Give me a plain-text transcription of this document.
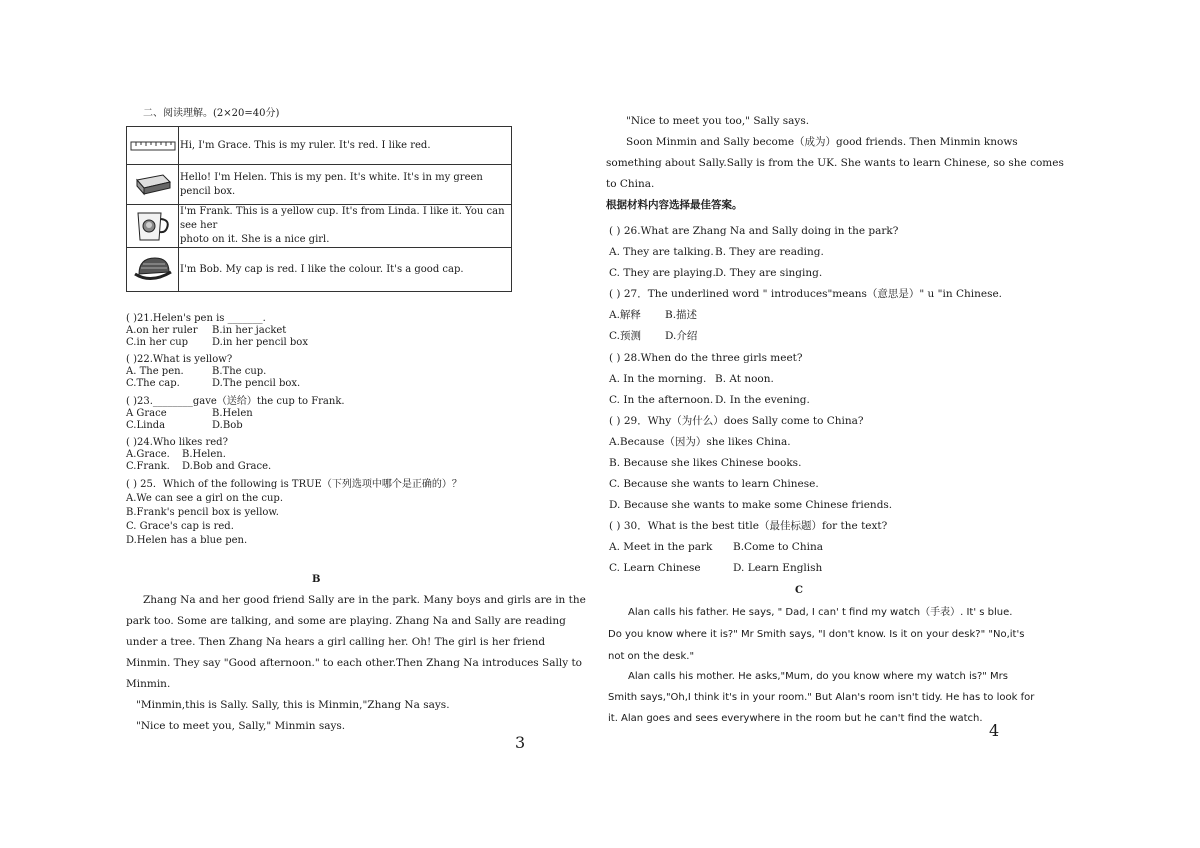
二、阅读理解。(2×20=40分)
	Hi, I'm Grace. This is my ruler. It's red. I like red.

	Hello! I'm Helen. This is my pen. It's white. It's in my green pencil box.

	I'm Frank. This is a yellow cup. It's from Linda. I like it. You can see her
photo on it. She is a nice girl.

	I'm Bob. My cap is red. I like the colour. It's a good cap.
( )21.Helen's pen is _______.
A.on her ruler B.in her jacket
C.in her cup D.in her pencil box
( )22.What is yellow?
A. The pen.	B.The cup.
C.The cap.	D.The pencil box.
( )23.________gave（送给）the cup to Frank.
A Grace	B.Helen
C.Linda	D.Bob
( )24.Who likes red?
A.Grace. B.Helen.
C.Frank. D.Bob and Grace.
( ) 25．Which of the following is TRUE（下列选项中哪个是正确的）？
A.We can see a girl on the cup.
B.Frank's pencil box is yellow.
C. Grace's cap is red.
D.Helen has a blue pen.
B
Zhang Na and her good friend Sally are in the park. Many boys and girls are in the
park too. Some are talking, and some are playing. Zhang Na and Sally are reading
under a tree. Then Zhang Na hears a girl calling her. Oh! The girl is her friend
Minmin. They say "Good afternoon." to each other.Then Zhang Na introduces Sally to
Minmin.
"Minmin,this is Sally. Sally, this is Minmin,"Zhang Na says.
"Nice to meet you, Sally," Minmin says.
3
"Nice to meet you too," Sally says.
Soon Minmin and Sally become（成为）good friends. Then Minmin knows
something about Sally.Sally is from the UK. She wants to learn Chinese, so she comes
to China.
根据材料内容选择最佳答案。
( ) 26.What are Zhang Na and Sally doing in the park?
A. They are talking.B. They are reading.
C. They are playing.D. They are singing.
( ) 27．The underlined word " introduces"means（意思是）" u "in Chinese.
A.解释 B.描述
C.预测 D.介绍
( ) 28.When do the three girls meet?
A. In the morning. B. At noon.
C. In the afternoon. D. In the evening.
( ) 29．Why（为什么）does Sally come to China?
A.Because（因为）she likes China.
B. Because she likes Chinese books.
C. Because she wants to learn Chinese.
D. Because she wants to make some Chinese friends.
( ) 30．What is the best title（最佳标题）for the text?
A. Meet in the park B.Come to China
C. Learn Chinese	D. Learn English
C
Alan calls his father. He says, " Dad, I can' t find my watch（手表）. It' s blue.
Do you know where it is?" Mr Smith says, "I don't know. Is it on your desk?" "No,it's
not on the desk."
Alan calls his mother. He asks,"Mum, do you know where my watch is?" Mrs
Smith says,"Oh,I think it's in your room." But Alan's room isn't tidy. He has to look for
it. Alan goes and sees everywhere in the room but he can't find the watch.
4
